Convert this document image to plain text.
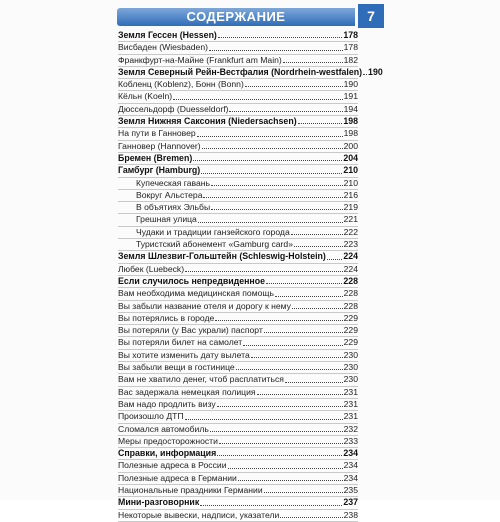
СОДЕРЖАНИЕ	7
Земля Гессен (Hessen)	178
Висбаден (Wiesbaden)	178
Франкфурт-на-Майне (Frankfurt am Main)	182
Земля Северный Рейн-Вестфалия (Nordrhein-westfalen) 190
Кобленц (Koblenz), Бонн (Bonn)	190
Кёльн (Koeln)	191
Дюссельдорф (Duesseldorf)	194
Земля Нижняя Саксония (Niedersachsen)	198
На пути в Ганновер	198
Ганновер (Hannover)	200
Бремен (Bremen)	204
Гамбург (Hamburg)	210
Купеческая гавань	210
Вокруг Альстера	216
В объятиях Эльбы	219
Грешная улица	221
Чудаки и традиции ганзейского города	222
Туристский абонемент «Gamburg card»	223
Земля Шлезвиг-Гольштейн (Schleswig-Holstein) 224
Любек (Luebeck)	224
Если случилось непредвиденное	228
Вам необходима медицинская помощь	228
Вы забыли название отеля и дорогу к нему	228
Вы потерялись в городе	229
Вы потеряли (у Вас украли) паспорт	229
Вы потеряли билет на самолет	229
Вы хотите изменить дату вылета	230
Вы забыли вещи в гостинице	230
Вам не хватило денег, чтоб расплатиться	230
Вас задержала немецкая полиция	231
Вам надо продлить визу	231
Произошло ДТП	231
Сломался автомобиль	232
Меры предосторожности	233
Справки, информация	234
Полезные адреса в России	234
Полезные адреса в Германии	234
Национальные праздники Германии	235
Мини-разговорник	237
Некоторые вывески, надписи, указатели	238
